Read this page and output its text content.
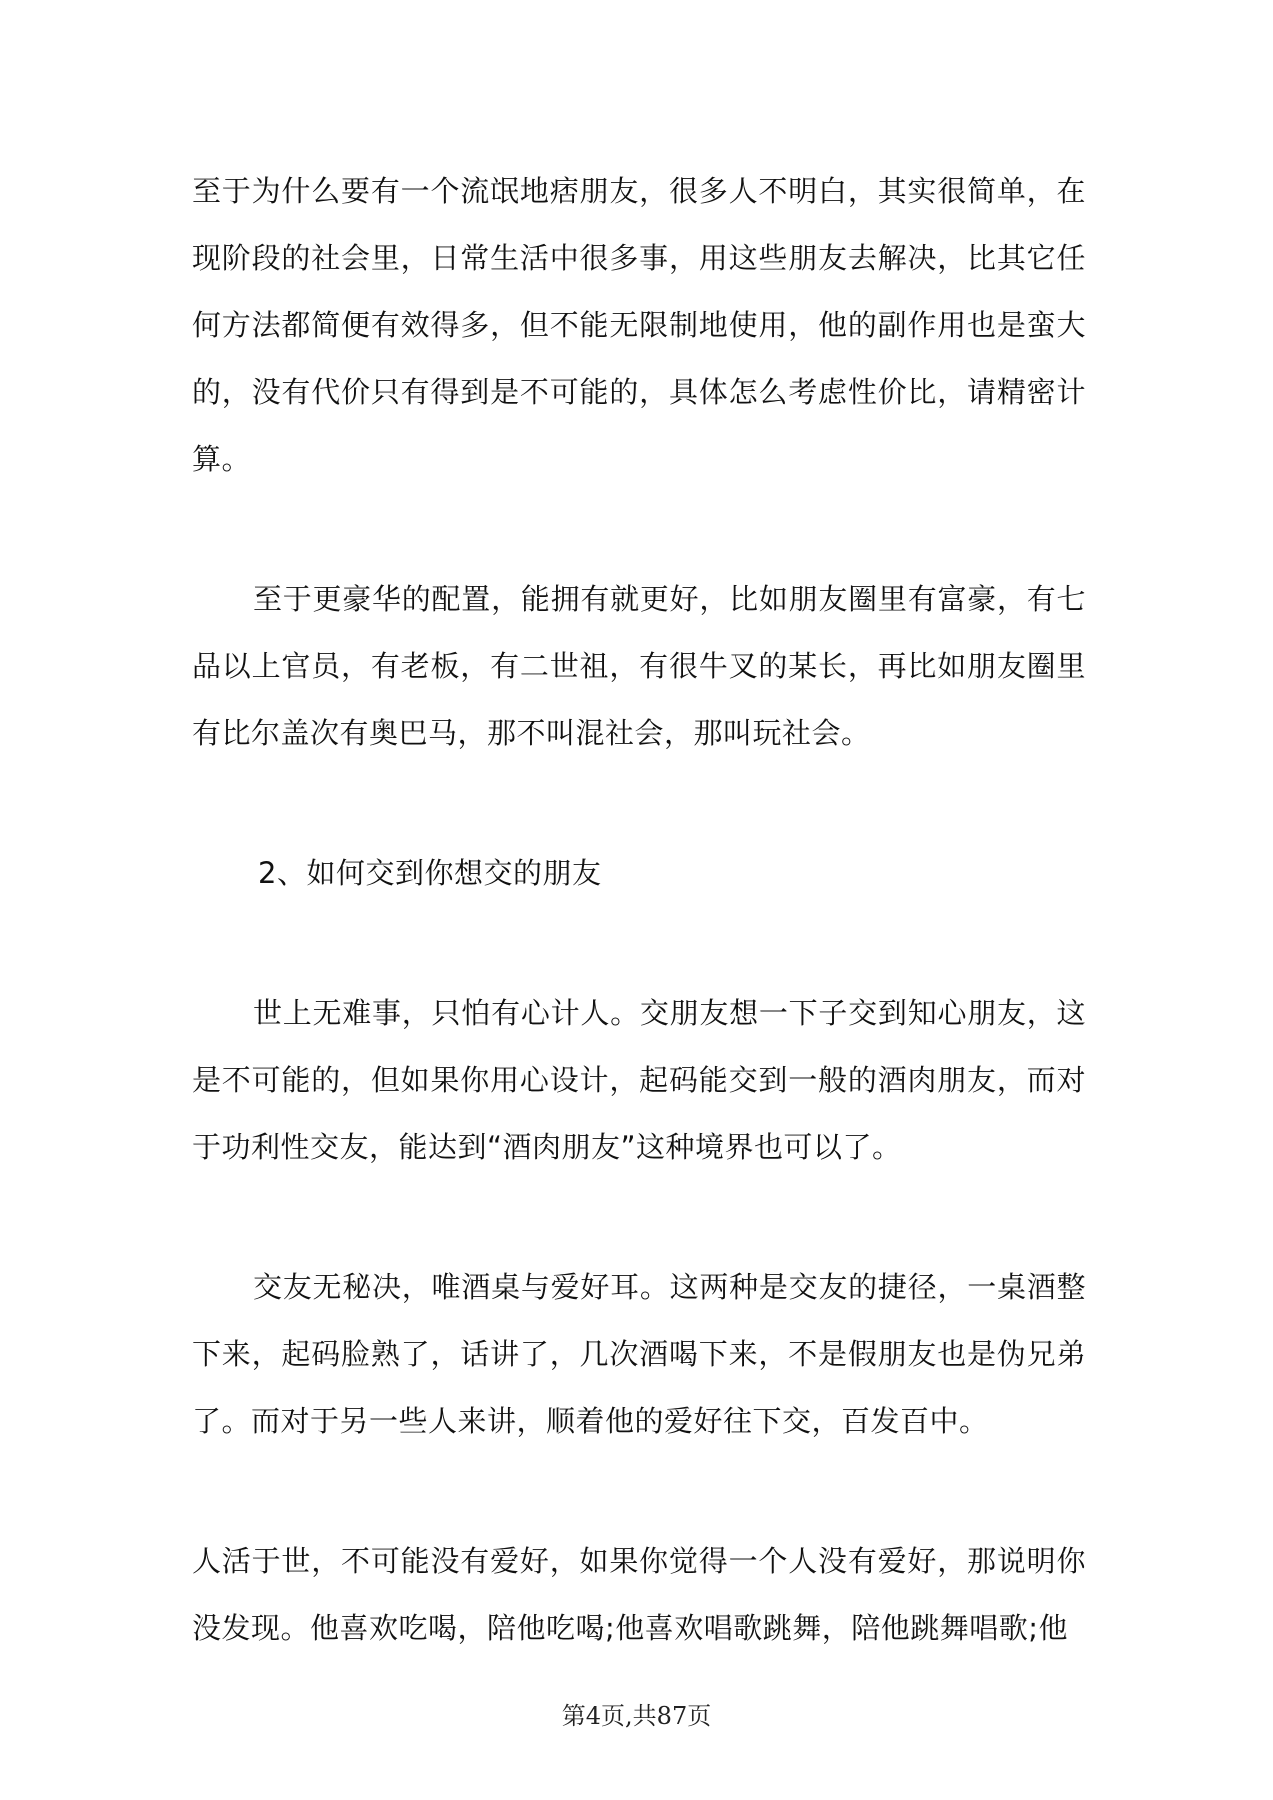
至于为什么要有一个流氓地痞朋友，很多人不明白，其实很简单，在现阶段的社会里，日常生活中很多事，用这些朋友去解决，比其它任何方法都简便有效得多，但不能无限制地使用，他的副作用也是蛮大的，没有代价只有得到是不可能的，具体怎么考虑性价比，请精密计算。

至于更豪华的配置，能拥有就更好，比如朋友圈里有富豪，有七品以上官员，有老板，有二世祖，有很牛叉的某长，再比如朋友圈里有比尔盖次有奥巴马，那不叫混社会，那叫玩社会。

2、如何交到你想交的朋友

世上无难事，只怕有心计人。交朋友想一下子交到知心朋友，这是不可能的，但如果你用心设计，起码能交到一般的酒肉朋友，而对于功利性交友，能达到“酒肉朋友”这种境界也可以了。

交友无秘决，唯酒桌与爱好耳。这两种是交友的捷径，一桌酒整下来，起码脸熟了，话讲了，几次酒喝下来，不是假朋友也是伪兄弟了。而对于另一些人来讲，顺着他的爱好往下交，百发百中。

人活于世，不可能没有爱好，如果你觉得一个人没有爱好，那说明你没发现。他喜欢吃喝，陪他吃喝;他喜欢唱歌跳舞，陪他跳舞唱歌;他

第4页,共87页
